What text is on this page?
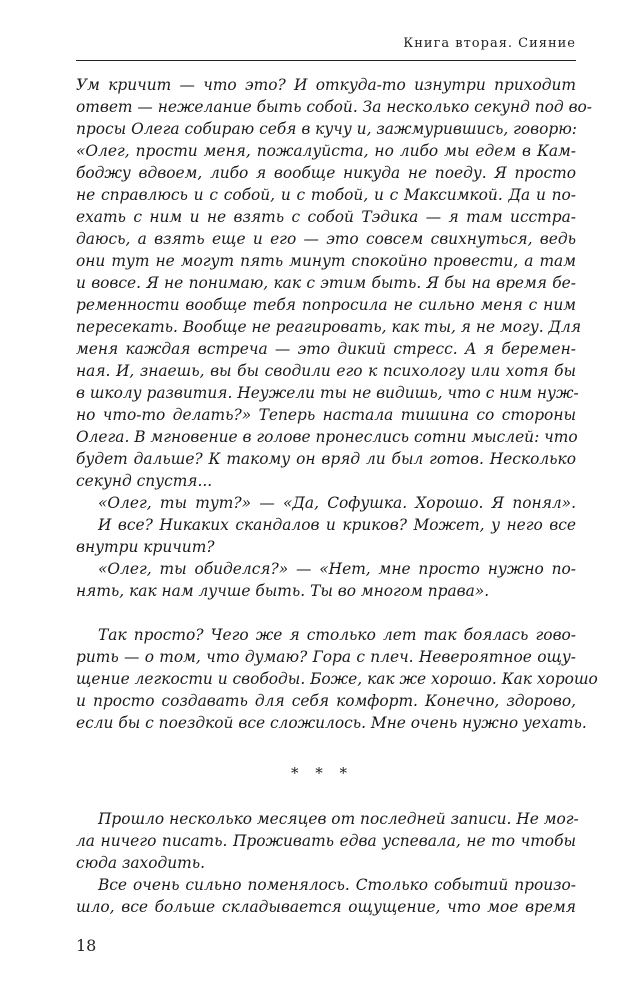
Книга вторая. Сияние
Ум кричит — что это? И откуда-то изнутри приходит
ответ — нежелание быть собой. За несколько секунд под во-
просы Олега собираю себя в кучу и, зажмурившись, говорю:
«Олег, прости меня, пожалуйста, но либо мы едем в Кам-
боджу вдвоем, либо я вообще никуда не поеду. Я просто
не справлюсь и с собой, и с тобой, и с Максимкой. Да и по-
ехать с ним и не взять с собой Тэдика — я там исстра-
даюсь, а взять еще и его — это совсем свихнуться, ведь
они тут не могут пять минут спокойно провести, а там
и вовсе. Я не понимаю, как с этим быть. Я бы на время бе-
ременности вообще тебя попросила не сильно меня с ним
пересекать. Вообще не реагировать, как ты, я не могу. Для
меня каждая встреча — это дикий стресс. А я беремен-
ная. И, знаешь, вы бы сводили его к психологу или хотя бы
в школу развития. Неужели ты не видишь, что с ним нуж-
но что-то делать?» Теперь настала тишина со стороны
Олега. В мгновение в голове пронеслись сотни мыслей: что
будет дальше? К такому он вряд ли был готов. Несколько
секунд спустя...
«Олег, ты тут?» — «Да, Софушка. Хорошо. Я понял».
И все? Никаких скандалов и криков? Может, у него все
внутри кричит?
«Олег, ты обиделся?» — «Нет, мне просто нужно по-
нять, как нам лучше быть. Ты во многом права».
Так просто? Чего же я столько лет так боялась гово-
рить — о том, что думаю? Гора с плеч. Невероятное ощу-
щение легкости и свободы. Боже, как же хорошо. Как хорошо
и просто создавать для себя комфорт. Конечно, здорово,
если бы с поездкой все сложилось. Мне очень нужно уехать.
* * *
Прошло несколько месяцев от последней записи. Не мог-
ла ничего писать. Проживать едва успевала, не то чтобы
сюда заходить.
Все очень сильно поменялось. Столько событий произо-
шло, все больше складывается ощущение, что мое время
18
